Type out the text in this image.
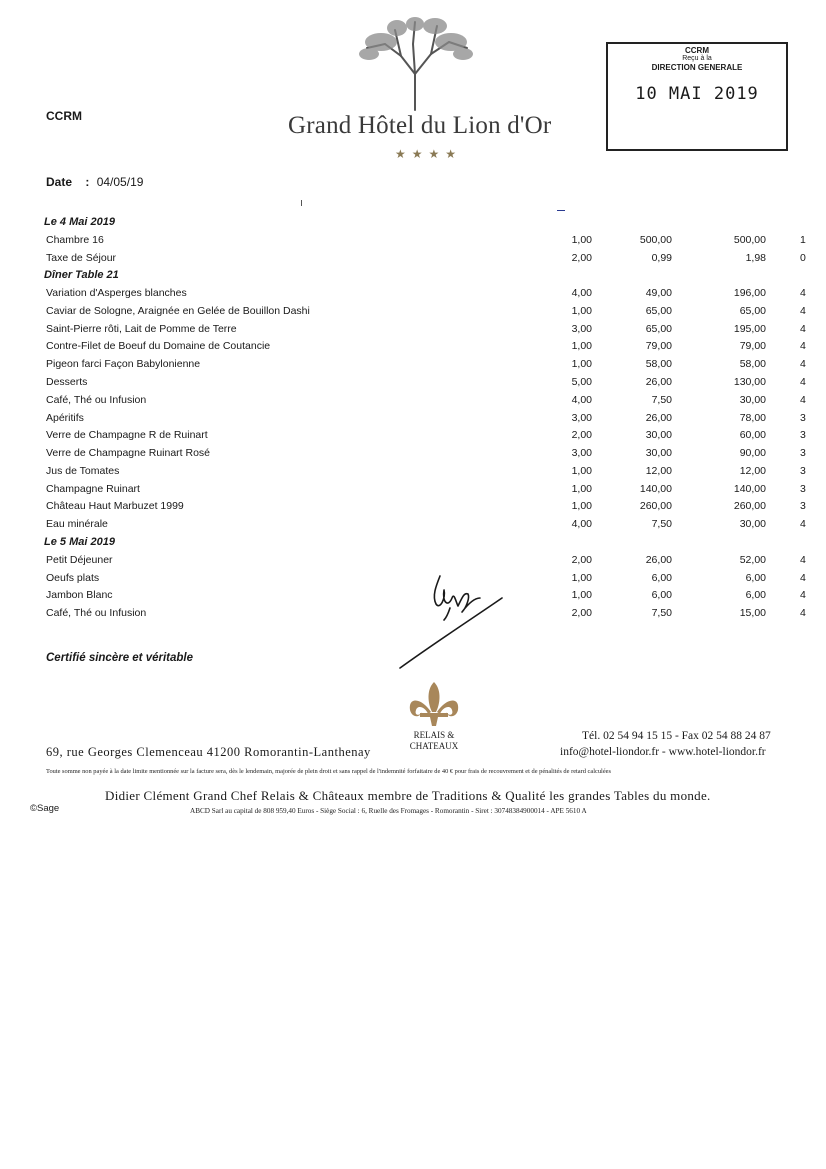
CCRM	Grand Hôtel du Lion d'Or
★★★★
CCRM
Reçu à la
DIRECTION GENERALE
10 MAI 2019
Date : 04/05/19
Le 4 Mai 2019
Chambre 16	1,00	500,00	500,00	1
Taxe de Séjour	2,00	0,99	1,98	0
Dîner Table 21
Variation d'Asperges blanches	4,00	49,00	196,00	4
Caviar de Sologne, Araignée en Gelée de Bouillon Dashi	1,00	65,00	65,00	4
Saint-Pierre rôti, Lait de Pomme de Terre	3,00	65,00	195,00	4
Contre-Filet de Boeuf du Domaine de Coutancie	1,00	79,00	79,00	4
Pigeon farci Façon Babylonienne	1,00	58,00	58,00	4
Desserts	5,00	26,00	130,00	4
Café, Thé ou Infusion	4,00	7,50	30,00	4
Apéritifs	3,00	26,00	78,00	3
Verre de Champagne R de Ruinart	2,00	30,00	60,00	3
Verre de Champagne Ruinart Rosé	3,00	30,00	90,00	3
Jus de Tomates	1,00	12,00	12,00	3
Champagne Ruinart	1,00	140,00	140,00	3
Château Haut Marbuzet 1999	1,00	260,00	260,00	3
Eau minérale	4,00	7,50	30,00	4
Le 5 Mai 2019
Petit Déjeuner	2,00	26,00	52,00	4
Oeufs plats	1,00	6,00	6,00	4
Jambon Blanc	1,00	6,00	6,00	4
Café, Thé ou Infusion	2,00	7,50	15,00	4
Certifié sincère et véritable
RELAIS &
CHATEAUX
69, rue Georges Clemenceau 41200 Romorantin-Lanthenay
Tél. 02 54 94 15 15 - Fax 02 54 88 24 87
info@hotel-liondor.fr - www.hotel-liondor.fr
Toute somme non payée à la date limite mentionnée sur la facture sera, dès le lendemain, majorée de plein droit et sans rappel de l'indemnité forfaitaire de 40 € pour frais de recouvrement et de pénalités de retard calculées
Didier Clément Grand Chef Relais & Châteaux membre de Traditions & Qualité les grandes Tables du monde.
ABCD Sarl au capital de 808 959,40 Euros - Siège Social : 6, Ruelle des Fromages - Romorantin - Siret : 30748384900014 - APE 5610 A
©Sage
